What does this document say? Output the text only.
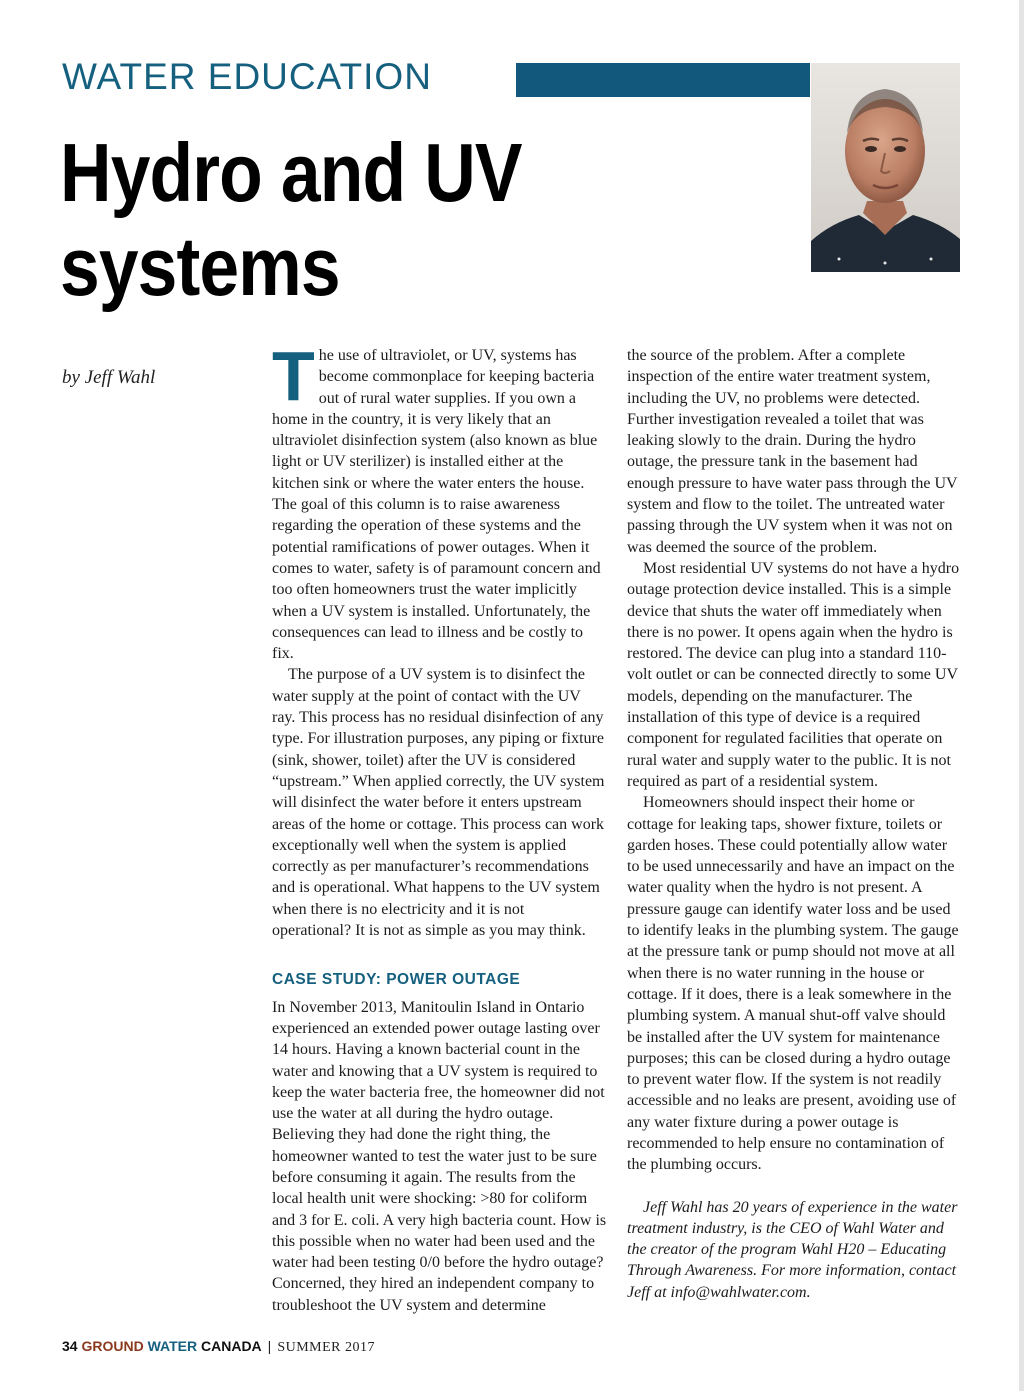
WATER EDUCATION
Hydro and UV systems
by Jeff Wahl The use of ultraviolet, or UV, systems has become commonplace for keeping bacteria out of rural water supplies. If you own a home in the country, it is very likely that an ultraviolet disinfection system (also known as blue light or UV sterilizer) is installed either at the kitchen sink or where the water enters the house. The goal of this column is to raise awareness regarding the operation of these systems and the potential ramifications of power outages. When it comes to water, safety is of paramount concern and too often homeowners trust the water implicitly when a UV system is installed. Unfortunately, the consequences can lead to illness and be costly to fix.

The purpose of a UV system is to disinfect the water supply at the point of contact with the UV ray. This process has no residual disinfection of any type. For illustration purposes, any piping or fixture (sink, shower, toilet) after the UV is considered “upstream.” When applied correctly, the UV system will disinfect the water before it enters upstream areas of the home or cottage. This process can work exceptionally well when the system is applied correctly as per manufacturer’s recommendations and is operational. What happens to the UV system when there is no electricity and it is not operational? It is not as simple as you may think.

CASE STUDY: POWER OUTAGE

In November 2013, Manitoulin Island in Ontario experienced an extended power outage lasting over 14 hours. Having a known bacterial count in the water and knowing that a UV system is required to keep the water bacteria free, the homeowner did not use the water at all during the hydro outage. Believing they had done the right thing, the homeowner wanted to test the water just to be sure before consuming it again. The results from the local health unit were shocking: >80 for coliform and 3 for E. coli. A very high bacteria count. How is this possible when no water had been used and the water had been testing 0/0 before the hydro outage? Concerned, they hired an independent company to troubleshoot the UV system and determine

the source of the problem. After a complete inspection of the entire water treatment system, including the UV, no problems were detected. Further investigation revealed a toilet that was leaking slowly to the drain. During the hydro outage, the pressure tank in the basement had enough pressure to have water pass through the UV system and flow to the toilet. The untreated water passing through the UV system when it was not on was deemed the source of the problem.

Most residential UV systems do not have a hydro outage protection device installed. This is a simple device that shuts the water off immediately when there is no power. It opens again when the hydro is restored. The device can plug into a standard 110-volt outlet or can be connected directly to some UV models, depending on the manufacturer. The installation of this type of device is a required component for regulated facilities that operate on rural water and supply water to the public. It is not required as part of a residential system.

Homeowners should inspect their home or cottage for leaking taps, shower fixture, toilets or garden hoses. These could potentially allow water to be used unnecessarily and have an impact on the water quality when the hydro is not present. A pressure gauge can identify water loss and be used to identify leaks in the plumbing system. The gauge at the pressure tank or pump should not move at all when there is no water running in the house or cottage. If it does, there is a leak somewhere in the plumbing system. A manual shut-off valve should be installed after the UV system for maintenance purposes; this can be closed during a hydro outage to prevent water flow. If the system is not readily accessible and no leaks are present, avoiding use of any water fixture during a power outage is recommended to help ensure no contamination of the plumbing occurs.

Jeff Wahl has 20 years of experience in the water treatment industry, is the CEO of Wahl Water and the creator of the program Wahl H20 – Educating Through Awareness. For more information, contact Jeff at info@wahlwater.com.

34 GROUND WATER CANADA | SUMMER 2017
